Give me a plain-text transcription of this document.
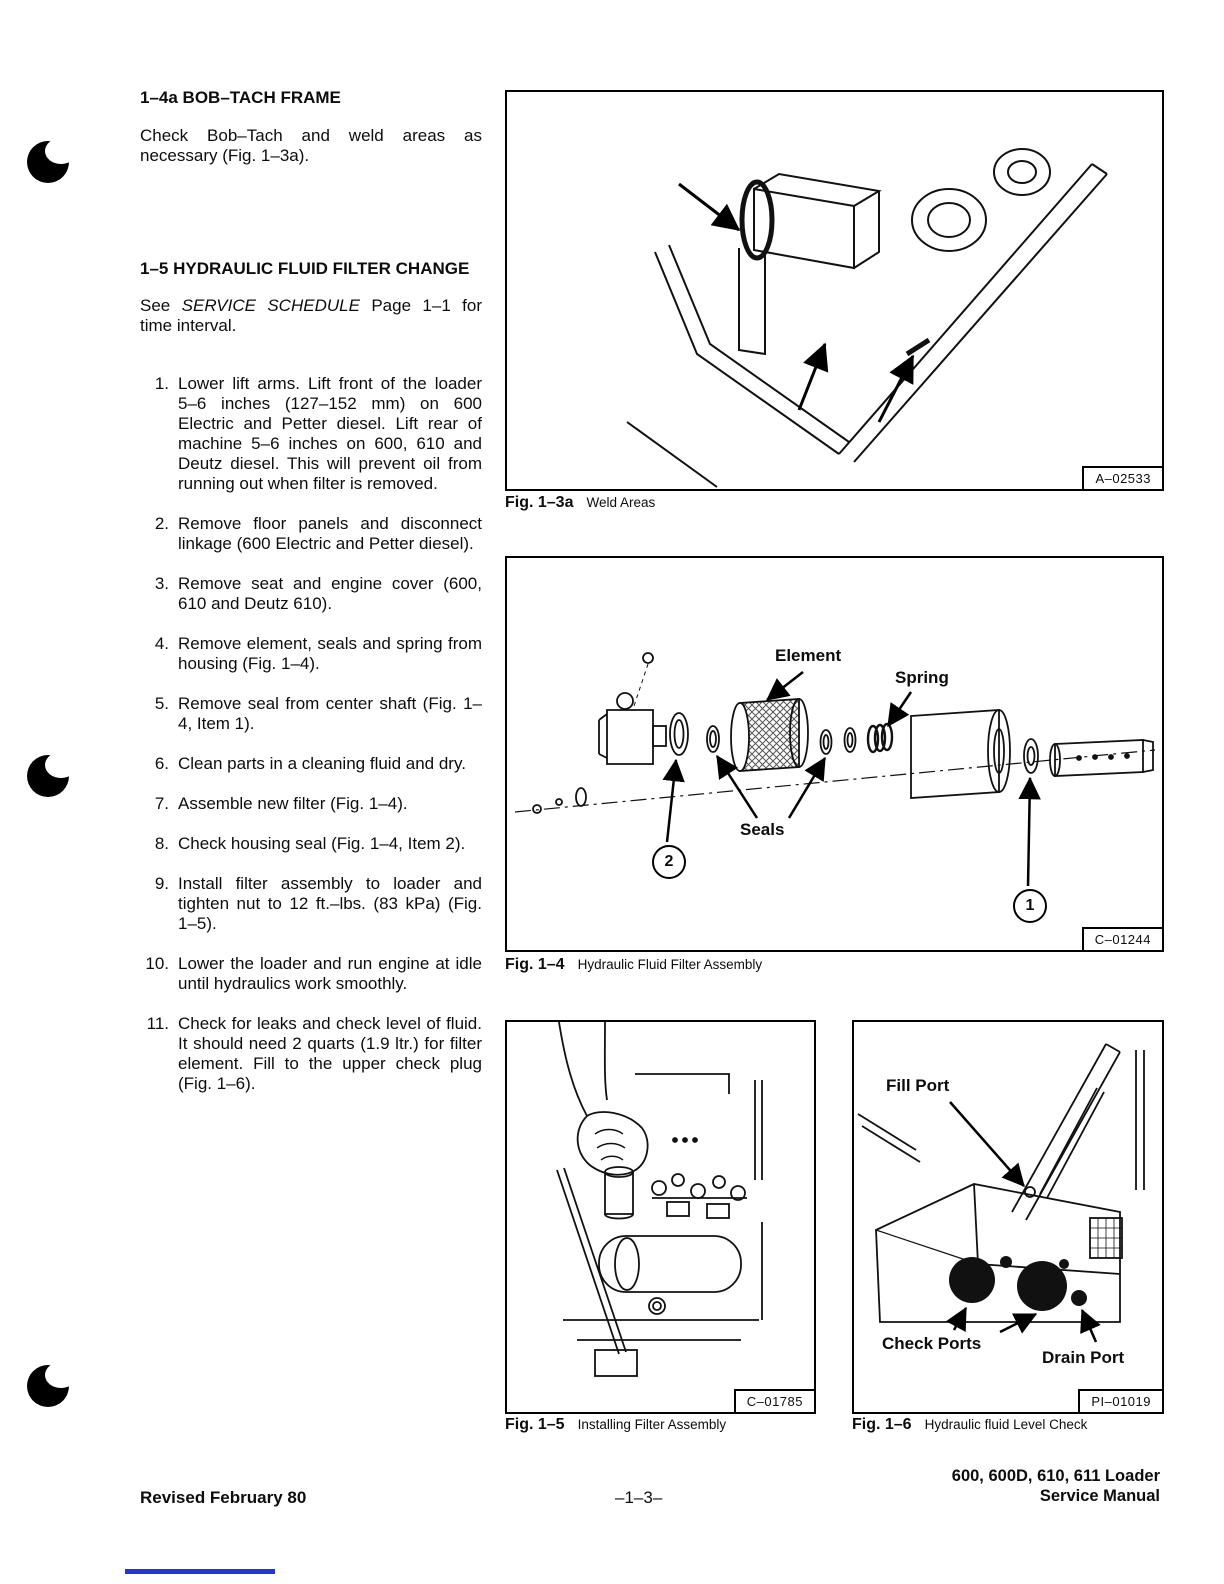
1–4a BOB–TACH FRAME

Check Bob–Tach and weld areas as necessary (Fig. 1–3a).

1–5 HYDRAULIC FLUID FILTER CHANGE

See SERVICE SCHEDULE Page 1–1 for time interval.

1. Lower lift arms. Lift front of the loader 5–6 inches (127–152 mm) on 600 Electric and Petter diesel. Lift rear of machine 5–6 inches on 600, 610 and Deutz diesel. This will prevent oil from running out when filter is removed.
2. Remove floor panels and disconnect linkage (600 Electric and Petter diesel).
3. Remove seat and engine cover (600, 610 and Deutz 610).
4. Remove element, seals and spring from housing (Fig. 1–4).
5. Remove seal from center shaft (Fig. 1–4, Item 1).
6. Clean parts in a cleaning fluid and dry.
7. Assemble new filter (Fig. 1–4).
8. Check housing seal (Fig. 1–4, Item 2).
9. Install filter assembly to loader and tighten nut to 12 ft.–lbs. (83 kPa) (Fig. 1–5).
10. Lower the loader and run engine at idle until hydraulics work smoothly.
11. Check for leaks and check level of fluid. It should need 2 quarts (1.9 ltr.) for filter element. Fill to the upper check plug (Fig. 1–6).
A–02533
Fig. 1–3a Weld Areas
Element
Spring
Seals
2
1
C–01244
Fig. 1–4 Hydraulic Fluid Filter Assembly
C–01785
Fig. 1–5 Installing Filter Assembly
Fill Port
Check Ports
Drain Port
PI–01019
Fig. 1–6 Hydraulic fluid Level Check
Revised February 80	–1–3–
600, 600D, 610, 611 Loader
Service Manual
